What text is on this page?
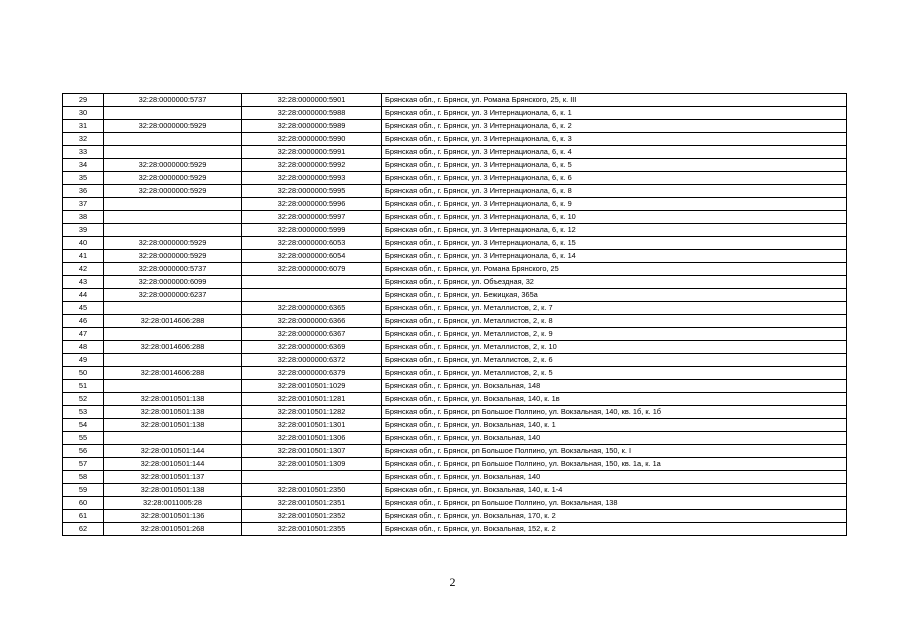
29	32:28:0000000:5737	32:28:0000000:5901	Брянская обл., г. Брянск, ул. Романа Брянского, 25, к. III
30		32:28:0000000:5988	Брянская обл., г. Брянск, ул. 3 Интернационала, 6, к. 1
31	32:28:0000000:5929	32:28:0000000:5989	Брянская обл., г. Брянск, ул. 3 Интернационала, 6, к. 2
32		32:28:0000000:5990	Брянская обл., г. Брянск, ул. 3 Интернационала, 6, к. 3
33		32:28:0000000:5991	Брянская обл., г. Брянск, ул. 3 Интернационала, 6, к. 4
34	32:28:0000000:5929	32:28:0000000:5992	Брянская обл., г. Брянск, ул. 3 Интернационала, 6, к. 5
35	32:28:0000000:5929	32:28:0000000:5993	Брянская обл., г. Брянск, ул. 3 Интернационала, 6, к. 6
36	32:28:0000000:5929	32:28:0000000:5995	Брянская обл., г. Брянск, ул. 3 Интернационала, 6, к. 8
37		32:28:0000000:5996	Брянская обл., г. Брянск, ул. 3 Интернационала, 6, к. 9
38		32:28:0000000:5997	Брянская обл., г. Брянск, ул. 3 Интернационала, 6, к. 10
39		32:28:0000000:5999	Брянская обл., г. Брянск, ул. 3 Интернационала, 6, к. 12
40	32:28:0000000:5929	32:28:0000000:6053	Брянская обл., г. Брянск, ул. 3 Интернационала, 6, к. 15
41	32:28:0000000:5929	32:28:0000000:6054	Брянская обл., г. Брянск, ул. 3 Интернационала, 6, к. 14
42	32:28:0000000:5737	32:28:0000000:6079	Брянская обл., г. Брянск, ул. Романа Брянского, 25
43	32:28:0000000:6099		Брянская обл., г. Брянск, ул. Объездная, 32
44	32:28:0000000:6237		Брянская обл., г. Брянск, ул. Бежицкая, 365а
45		32:28:0000000:6365	Брянская обл., г. Брянск, ул. Металлистов, 2, к. 7
46	32:28:0014606:288	32:28:0000000:6366	Брянская обл., г. Брянск, ул. Металлистов, 2, к. 8
47		32:28:0000000:6367	Брянская обл., г. Брянск, ул. Металлистов, 2, к. 9
48	32:28:0014606:288	32:28:0000000:6369	Брянская обл., г. Брянск, ул. Металлистов, 2, к. 10
49		32:28:0000000:6372	Брянская обл., г. Брянск, ул. Металлистов, 2, к. 6
50	32:28:0014606:288	32:28:0000000:6379	Брянская обл., г. Брянск, ул. Металлистов, 2, к. 5
51		32:28:0010501:1029	Брянская обл., г. Брянск, ул. Вокзальная, 148
52	32:28:0010501:138	32:28:0010501:1281	Брянская обл., г. Брянск, ул. Вокзальная, 140, к. 1в
53	32:28:0010501:138	32:28:0010501:1282	Брянская обл., г. Брянск, рп Большое Полпино, ул. Вокзальная, 140, кв. 1б, к. 1б
54	32:28:0010501:138	32:28:0010501:1301	Брянская обл., г. Брянск, ул. Вокзальная, 140, к. 1
55		32:28:0010501:1306	Брянская обл., г. Брянск, ул. Вокзальная, 140
56	32:28:0010501:144	32:28:0010501:1307	Брянская обл., г. Брянск, рп Большое Полпино, ул. Вокзальная, 150, к. I
57	32:28:0010501:144	32:28:0010501:1309	Брянская обл., г. Брянск, рп Большое Полпино, ул. Вокзальная, 150, кв. 1а, к. 1а
58	32:28:0010501:137		Брянская обл., г. Брянск, ул. Вокзальная, 140
59	32:28:0010501:138	32:28:0010501:2350	Брянская обл., г. Брянск, ул. Вокзальная, 140, к. 1-4
60	32:28:0011005:28	32:28:0010501:2351	Брянская обл., г. Брянск, рп Большое Полпино, ул. Вокзальная, 138
61	32:28:0010501:136	32:28:0010501:2352	Брянская обл., г. Брянск, ул. Вокзальная, 170, к. 2
62	32:28:0010501:268	32:28:0010501:2355	Брянская обл., г. Брянск, ул. Вокзальная, 152, к. 2
2
